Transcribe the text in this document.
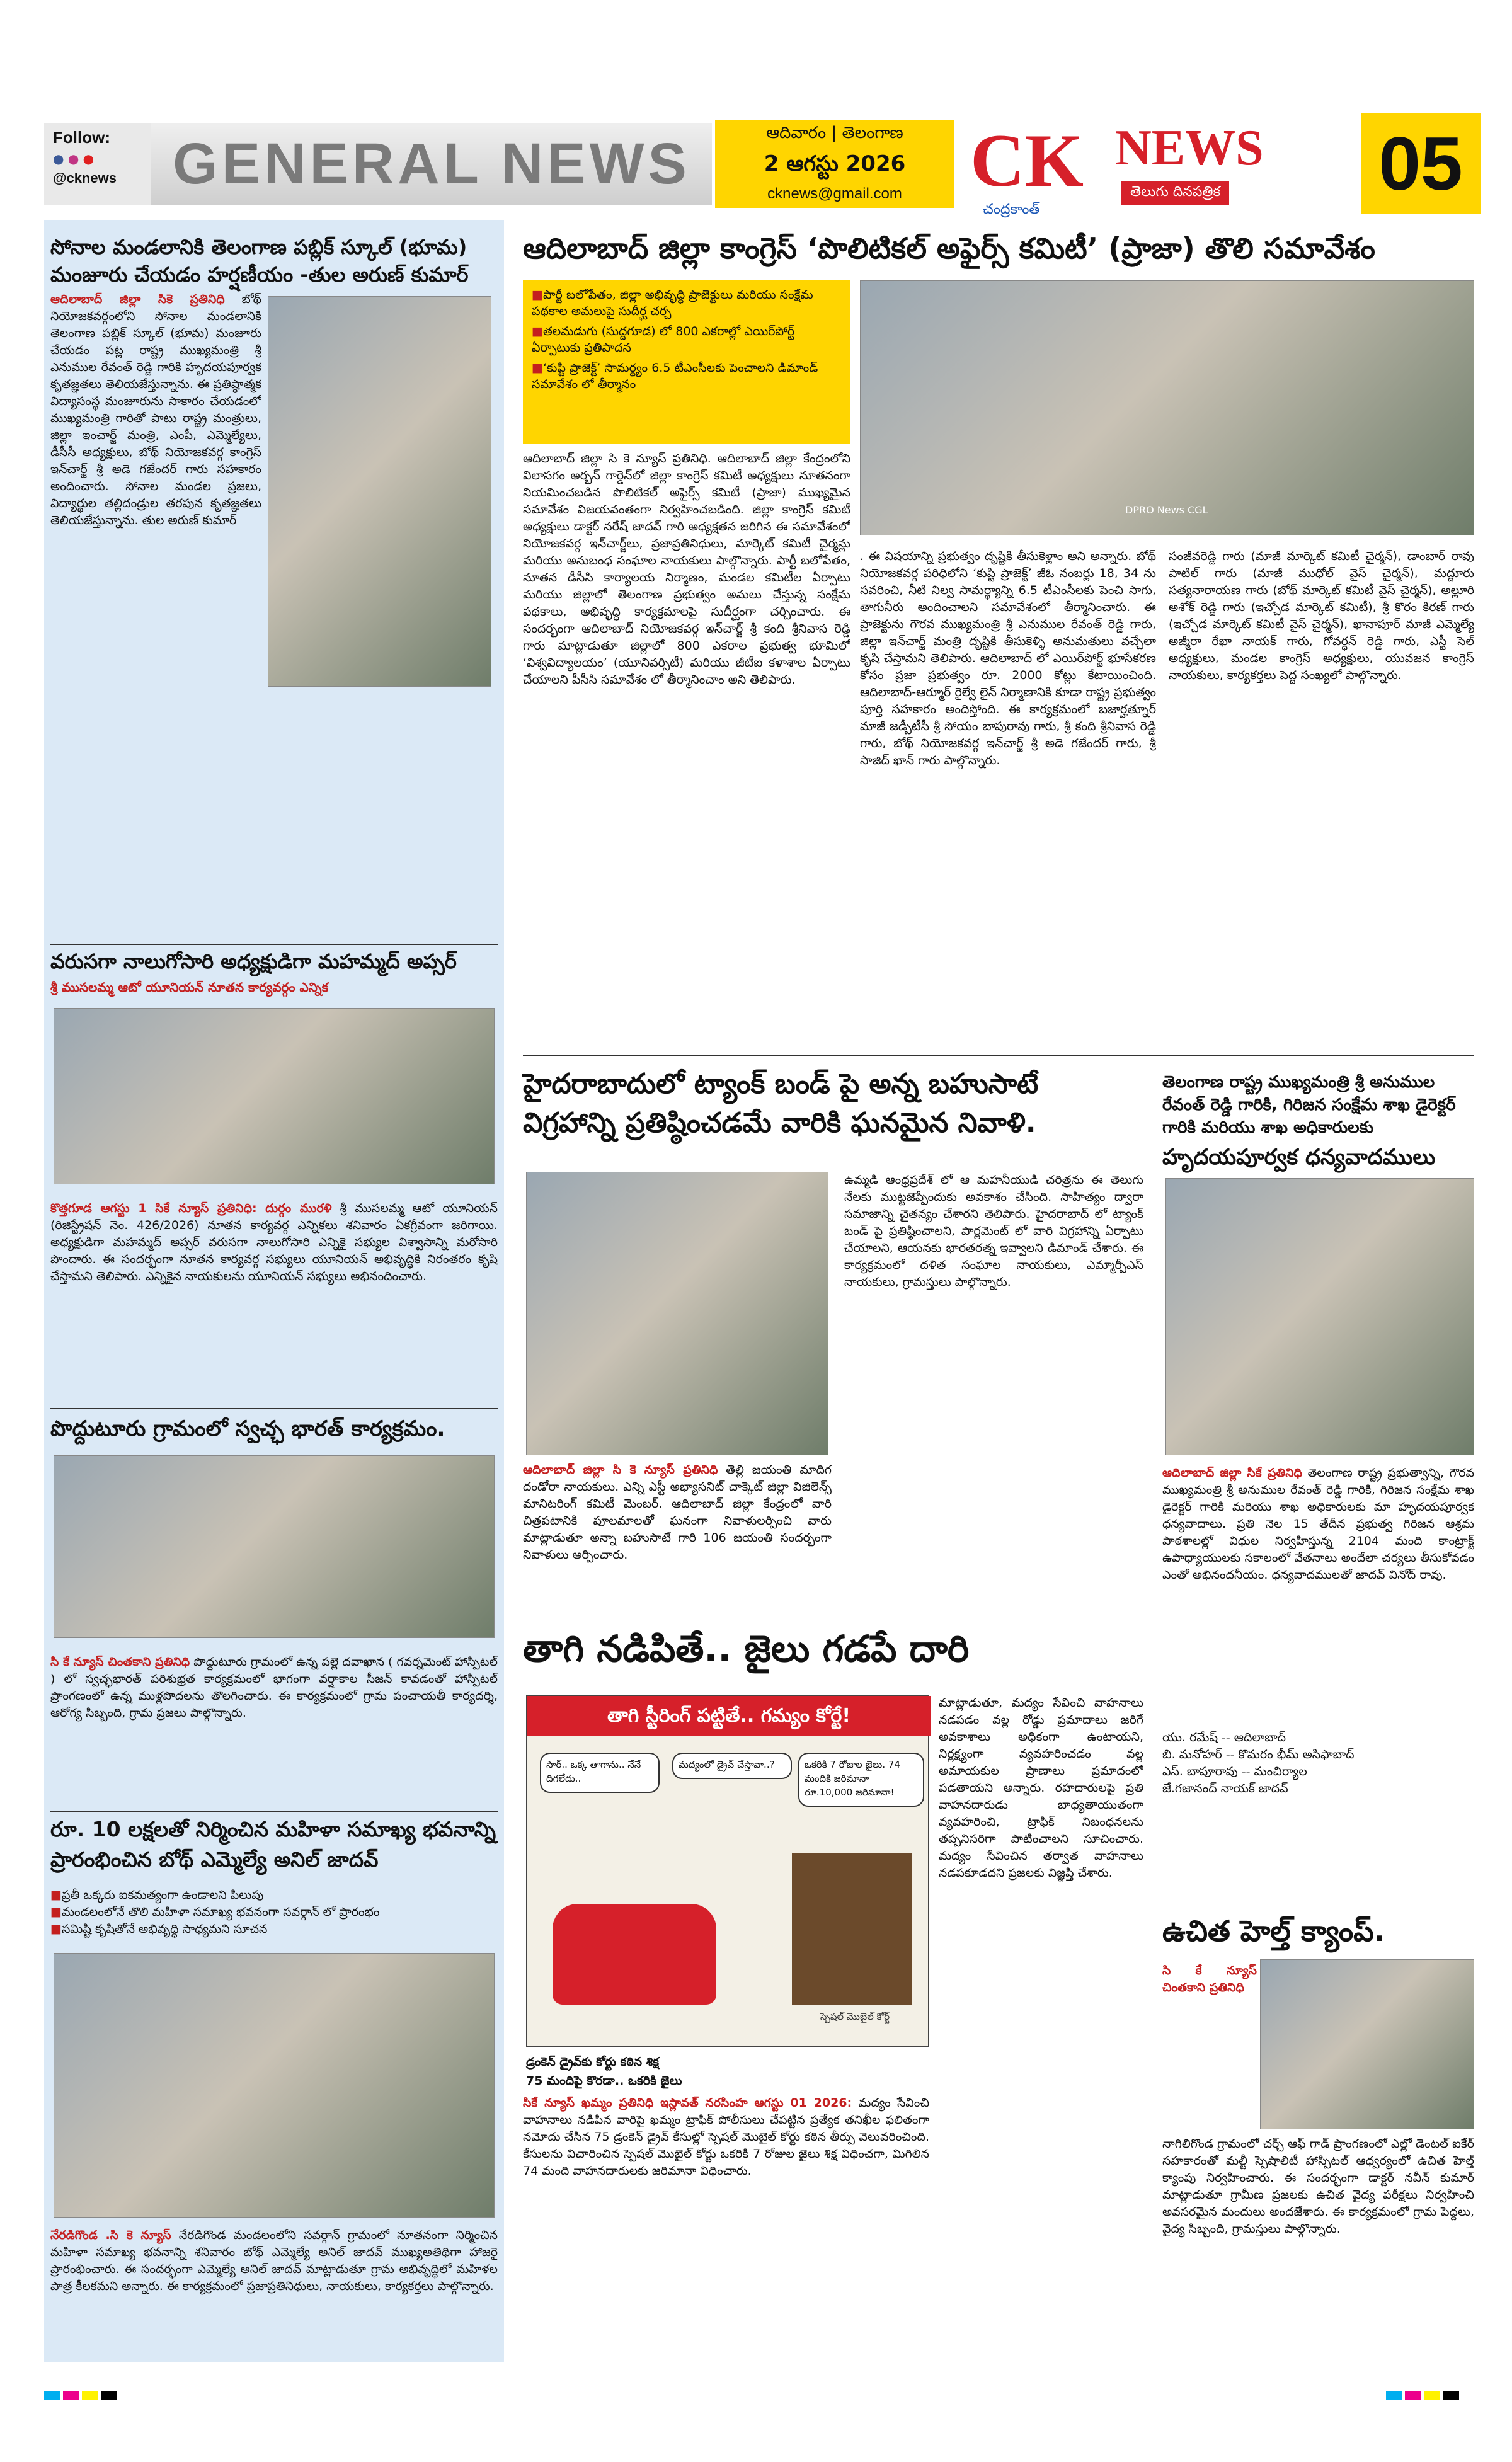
Follow:
● ● ●
@cknews GENERAL NEWS	ఆదివారం | తెలంగాణ
2 ఆగస్టు 2026
cknews@gmail.com CK NEWS
తెలుగు దినపత్రిక
చంద్రకాంత్
05
సోనాల మండలానికి తెలంగాణ పబ్లిక్ స్కూల్ (భూమ) మంజూరు చేయడం హర్షణీయం -తుల అరుణ్ కుమార్
ఆదిలాబాద్ జిల్లా సికె ప్రతినిధి బోథ్ నియోజకవర్గంలోని సోనాల మండలానికి తెలంగాణ పబ్లిక్ స్కూల్ (భూమ) మంజూరు చేయడం పట్ల రాష్ట్ర ముఖ్యమంత్రి శ్రీ ఎనుముల రేవంత్ రెడ్డి గారికి హృదయపూర్వక కృతజ్ఞతలు తెలియజేస్తున్నాను. ఈ ప్రతిష్ఠాత్మక విద్యాసంస్థ మంజూరును సాకారం చేయడంలో ముఖ్యమంత్రి గారితో పాటు రాష్ట్ర మంత్రులు, జిల్లా ఇంచార్జ్ మంత్రి, ఎంపీ, ఎమ్మెల్యేలు, డీసీసీ అధ్యక్షులు, బోథ్ నియోజకవర్గ కాంగ్రెస్ ఇన్‌చార్జ్ శ్రీ అడె గజేందర్ గారు సహకారం అందించారు. సోనాల మండల ప్రజలు, విద్యార్థుల తల్లిదండ్రుల తరపున కృతజ్ఞతలు తెలియజేస్తున్నాను. తుల అరుణ్ కుమార్
వరుసగా నాలుగోసారి అధ్యక్షుడిగా మహమ్మద్ అప్సర్
శ్రీ ముసలమ్మ ఆటో యూనియన్ నూతన కార్యవర్గం ఎన్నిక
కొత్తగూడ ఆగస్టు 1 సికే న్యూస్ ప్రతినిధి: దుర్గం మురళి శ్రీ ముసలమ్మ ఆటో యూనియన్ (రిజిస్ట్రేషన్ నెం. 426/2026) నూతన కార్యవర్గ ఎన్నికలు శనివారం ఏకగ్రీవంగా జరిగాయి. అధ్యక్షుడిగా మహమ్మద్ అప్సర్ వరుసగా నాలుగోసారి ఎన్నికై సభ్యుల విశ్వాసాన్ని మరోసారి పొందారు. ఈ సందర్భంగా నూతన కార్యవర్గ సభ్యులు యూనియన్ అభివృద్ధికి నిరంతరం కృషి చేస్తామని తెలిపారు. ఎన్నికైన నాయకులను యూనియన్ సభ్యులు అభినందించారు.
పొద్దుటూరు గ్రామంలో స్వచ్ఛ భారత్ కార్యక్రమం.
సి కే న్యూస్ చింతకాని ప్రతినిధి పొద్దుటూరు గ్రామంలో ఉన్న పల్లె దవాఖాన ( గవర్నమెంట్ హాస్పిటల్ ) లో స్వచ్ఛభారత్ పరిశుభ్రత కార్యక్రమంలో భాగంగా వర్షాకాల సీజన్ కావడంతో హాస్పిటల్ ప్రాంగణంలో ఉన్న ముళ్లపొదలను తొలగించారు. ఈ కార్యక్రమంలో గ్రామ పంచాయతీ కార్యదర్శి, ఆరోగ్య సిబ్బంది, గ్రామ ప్రజలు పాల్గొన్నారు.
రూ. 10 లక్షలతో నిర్మించిన మహిళా సమాఖ్య భవనాన్ని ప్రారంభించిన బోథ్ ఎమ్మెల్యే అనిల్ జాదవ్
■ ప్రతీ ఒక్కరు ఐకమత్యంగా ఉండాలని పిలుపు
■ మండలంలోనే తొలి మహిళా సమాఖ్య భవనంగా సవర్గాన్ లో ప్రారంభం
■ సమిష్టి కృషితోనే అభివృద్ధి సాధ్యమని సూచన
నేరడిగొండ .సి కె న్యూస్ నేరడిగొండ మండలంలోని సవర్గాన్ గ్రామంలో నూతనంగా నిర్మించిన మహిళా సమాఖ్య భవనాన్ని శనివారం బోథ్ ఎమ్మెల్యే అనిల్ జాదవ్ ముఖ్యఅతిథిగా హాజరై ప్రారంభించారు. ఈ సందర్భంగా ఎమ్మెల్యే అనిల్ జాదవ్ మాట్లాడుతూ గ్రామ అభివృద్ధిలో మహిళల పాత్ర కీలకమని అన్నారు. ఈ కార్యక్రమంలో ప్రజాప్రతినిధులు, నాయకులు, కార్యకర్తలు పాల్గొన్నారు.
ఆదిలాబాద్ జిల్లా కాంగ్రెస్ ‘పొలిటికల్ అఫైర్స్ కమిటీ’ (ప్రాజా) తొలి సమావేశం
■ పార్టీ బలోపేతం, జిల్లా అభివృద్ధి ప్రాజెక్టులు మరియు సంక్షేమ పథకాల అమలుపై సుదీర్ఘ చర్చ
■ తలమడుగు (సుద్దగూడ) లో 800 ఎకరాల్లో ఎయిర్‌పోర్ట్ ఏర్పాటుకు ప్రతిపాదన
■ ‘కుప్టి ప్రాజెక్ట్’ సామర్థ్యం 6.5 టీఎంసీలకు పెంచాలని డిమాండ్ సమావేశం లో తీర్మానం
ఆదిలాబాద్ జిల్లా సి కె న్యూస్ ప్రతినిధి. ఆదిలాబాద్ జిల్లా కేంద్రంలోని విలాసగం అర్బన్ గార్డెన్‌లో జిల్లా కాంగ్రెస్ కమిటీ అధ్యక్షులు నూతనంగా నియమించబడిన పొలిటికల్ అఫైర్స్ కమిటీ (ప్రాజా) ముఖ్యమైన సమావేశం విజయవంతంగా నిర్వహించబడింది. జిల్లా కాంగ్రెస్ కమిటీ అధ్యక్షులు డాక్టర్ నరేష్ జాదవ్ గారి అధ్యక్షతన జరిగిన ఈ సమావేశంలో నియోజకవర్గ ఇన్‌చార్జ్‌లు, ప్రజాప్రతినిధులు, మార్కెట్ కమిటీ చైర్మన్లు మరియు అనుబంధ సంఘాల నాయకులు పాల్గొన్నారు. పార్టీ బలోపేతం, నూతన డీసీసి కార్యాలయ నిర్మాణం, మండల కమిటీల ఏర్పాటు మరియు జిల్లాలో తెలంగాణ ప్రభుత్వం అమలు చేస్తున్న సంక్షేమ పథకాలు, అభివృద్ధి కార్యక్రమాలపై సుదీర్ఘంగా చర్చించారు. ఈ సందర్భంగా ఆదిలాబాద్ నియోజకవర్గ ఇన్‌చార్జ్ శ్రీ కంది శ్రీనివాస రెడ్డి గారు మాట్లాడుతూ జిల్లాలో 800 ఎకరాల ప్రభుత్వ భూమిలో ‘విశ్వవిద్యాలయం’ (యూనివర్సిటీ) మరియు జీటీఐ కళాశాల ఏర్పాటు చేయాలని పీసీసి సమావేశం లో తీర్మానించాం అని తెలిపారు.
DPRO News CGL
. ఈ విషయాన్ని ప్రభుత్వం దృష్టికి తీసుకెళ్లాం అని అన్నారు. బోథ్ నియోజకవర్గ పరిధిలోని ‘కుప్టి ప్రాజెక్ట్’ జీఓ నంబర్లు 18, 34 ను సవరించి, నీటి నిల్వ సామర్థ్యాన్ని 6.5 టీఎంసీలకు పెంచి సాగు, తాగునీరు అందించాలని సమావేశంలో తీర్మానించారు. ఈ ప్రాజెక్టును గౌరవ ముఖ్యమంత్రి శ్రీ ఎనుముల రేవంత్ రెడ్డి గారు, జిల్లా ఇన్‌చార్జ్ మంత్రి దృష్టికి తీసుకెళ్ళి అనుమతులు వచ్చేలా కృషి చేస్తామని తెలిపారు. ఆదిలాబాద్ లో ఎయిర్‌పోర్ట్ భూసేకరణ కోసం ప్రజా ప్రభుత్వం రూ. 2000 కోట్లు కేటాయించింది. ఆదిలాబాద్-ఆర్మూర్ రైల్వే లైన్ నిర్మాణానికి కూడా రాష్ట్ర ప్రభుత్వం పూర్తి సహకారం అందిస్తోంది. ఈ కార్యక్రమంలో బజార్హత్నూర్ మాజీ జడ్పీటీసీ శ్రీ సోయం బాపురావు గారు, శ్రీ కంది శ్రీనివాస రెడ్డి గారు, బోథ్ నియోజకవర్గ ఇన్‌చార్జ్ శ్రీ అడె గజేందర్ గారు, శ్రీ సాజిద్ ఖాన్ గారు పాల్గొన్నారు.
సంజీవరెడ్డి గారు (మాజీ మార్కెట్ కమిటీ చైర్మన్), డాంబార్ రావు పాటిల్ గారు (మాజీ ముధోల్ వైస్ చైర్మన్), మద్దూరు సత్యనారాయణ గారు (బోథ్ మార్కెట్ కమిటీ వైస్ చైర్మన్), అల్లూరి అశోక్ రెడ్డి గారు (ఇచ్చోడ మార్కెట్ కమిటీ), శ్రీ కొరం కిరణ్ గారు (ఇచ్చోడ మార్కెట్ కమిటీ వైస్ చైర్మన్), ఖానాపూర్ మాజీ ఎమ్మెల్యే అజ్మీరా రేఖా నాయక్ గారు, గోవర్ధన్ రెడ్డి గారు, ఎస్టీ సెల్ అధ్యక్షులు, మండల కాంగ్రెస్ అధ్యక్షులు, యువజన కాంగ్రెస్ నాయకులు, కార్యకర్తలు పెద్ద సంఖ్యలో పాల్గొన్నారు.
హైదరాబాదులో ట్యాంక్ బండ్ పై అన్న బహుసాటే విగ్రహాన్ని ప్రతిష్ఠించడమే వారికి ఘనమైన నివాళి.
ఆదిలాబాద్ జిల్లా సి కె న్యూస్ ప్రతినిధి తెల్లి జయంతి మాదిగ దండోరా నాయకులు. ఎన్ని ఎస్టీ అభ్యాసనిట్ చాక్కెట్ జిల్లా విజిలెన్స్ మానిటరింగ్ కమిటీ మెంబర్. ఆదిలాబాద్ జిల్లా కేంద్రంలో వారి చిత్రపటానికి పూలమాలతో ఘనంగా నివాళులర్పించి వారు మాట్లాడుతూ అన్నా బహుసాటే గారి 106 జయంతి సందర్భంగా నివాళులు అర్పించారు.
ఉమ్మడి ఆంధ్రప్రదేశ్ లో ఆ మహనీయుడి చరిత్రను ఈ తెలుగు నేలకు ముట్టజెప్పేందుకు అవకాశం చేసింది. సాహిత్యం ద్వారా సమాజాన్ని చైతన్యం చేశారని తెలిపారు. హైదరాబాద్ లో ట్యాంక్ బండ్ పై ప్రతిష్ఠించాలని, పార్లమెంట్ లో వారి విగ్రహాన్ని ఏర్పాటు చేయాలని, ఆయనకు భారతరత్న ఇవ్వాలని డిమాండ్ చేశారు. ఈ కార్యక్రమంలో దళిత సంఘాల నాయకులు, ఎమ్మార్పీఎస్ నాయకులు, గ్రామస్తులు పాల్గొన్నారు.
తెలంగాణ రాష్ట్ర ముఖ్యమంత్రి శ్రీ అనుముల రేవంత్ రెడ్డి గారికి, గిరిజన సంక్షేమ శాఖ డైరెక్టర్ గారికి మరియు శాఖ అధికారులకు
హృదయపూర్వక ధన్యవాదములు
ఆదిలాబాద్ జిల్లా సికే ప్రతినిధి తెలంగాణ రాష్ట్ర ప్రభుత్వాన్ని, గౌరవ ముఖ్యమంత్రి శ్రీ అనుముల రేవంత్ రెడ్డి గారికి, గిరిజన సంక్షేమ శాఖ డైరెక్టర్ గారికి మరియు శాఖ అధికారులకు మా హృదయపూర్వక ధన్యవాదాలు. ప్రతి నెల 15 తేదీన ప్రభుత్వ గిరిజన ఆశ్రమ పాఠశాలల్లో విధుల నిర్వహిస్తున్న 2104 మంది కాంట్రాక్ట్ ఉపాధ్యాయులకు సకాలంలో వేతనాలు అందేలా చర్యలు తీసుకోవడం ఎంతో అభినందనీయం. ధన్యవాదములతో జాదవ్ వినోద్ రావు.
యు. రమేష్ -- ఆదిలాబాద్
బి. మనోహర్ -- కొమరం భీమ్ అసిఫాబాద్
ఎస్. బాపూరావు -- మంచిర్యాల
జే.గజానంద్ నాయక్ జాదవ్
తాగి నడిపితే.. జైలు గడపే దారి
తాగి స్టీరింగ్ పట్టితే.. గమ్యం కోర్టే!
సార్.. ఒక్క తాగాను.. నేనే దిగలేదు..
మద్యంలో డ్రైవ్ చేస్తావా..?	ఒకరికి 7 రోజుల జైలు. 74 మందికి జరిమానా రూ.10,000 జరిమానా!
స్పెషల్ మొబైల్ కోర్ట్
డ్రంకెన్ డ్రైవ్‌కు కోర్టు కఠిన శిక్ష
75 మందిపై కొరడా.. ఒకరికి జైలు
సికే న్యూస్ ఖమ్మం ప్రతినిధి ఇస్లావత్ నరసింహ ఆగస్టు 01 2026: మద్యం సేవించి వాహనాలు నడిపిన వారిపై ఖమ్మం ట్రాఫిక్ పోలీసులు చేపట్టిన ప్రత్యేక తనిఖీల ఫలితంగా నమోదు చేసిన 75 డ్రంకెన్ డ్రైవ్ కేసుల్లో స్పెషల్ మొబైల్ కోర్టు కఠిన తీర్పు వెలువరించింది. కేసులను విచారించిన స్పెషల్ మొబైల్ కోర్టు ఒకరికి 7 రోజుల జైలు శిక్ష విధించగా, మిగిలిన 74 మంది వాహనదారులకు జరిమానా విధించారు.
మాట్లాడుతూ, మద్యం సేవించి వాహనాలు నడపడం వల్ల రోడ్డు ప్రమాదాలు జరిగే అవకాశాలు అధికంగా ఉంటాయని, నిర్లక్ష్యంగా వ్యవహరించడం వల్ల అమాయకుల ప్రాణాలు ప్రమాదంలో పడతాయని అన్నారు. రహదారులపై ప్రతి వాహనదారుడు బాధ్యతాయుతంగా వ్యవహరించి, ట్రాఫిక్ నిబంధనలను తప్పనిసరిగా పాటించాలని సూచించారు. మద్యం సేవించిన తర్వాత వాహనాలు నడపకూడదని ప్రజలకు విజ్ఞప్తి చేశారు.
ఉచిత హెల్త్ క్యాంప్.
సి కే న్యూస్ చింతకాని ప్రతినిధి
నాగిలిగొండ గ్రామంలో చర్చ్ ఆఫ్ గాడ్ ప్రాంగణంలో ఎల్లో డెంటల్ ఐకేర్ సహకారంతో మల్టీ స్పెషాలిటీ హాస్పిటల్ ఆధ్వర్యంలో ఉచిత హెల్త్ క్యాంపు నిర్వహించారు. ఈ సందర్భంగా డాక్టర్ నవీన్ కుమార్ మాట్లాడుతూ గ్రామీణ ప్రజలకు ఉచిత వైద్య పరీక్షలు నిర్వహించి అవసరమైన మందులు అందజేశారు. ఈ కార్యక్రమంలో గ్రామ పెద్దలు, వైద్య సిబ్బంది, గ్రామస్తులు పాల్గొన్నారు.
